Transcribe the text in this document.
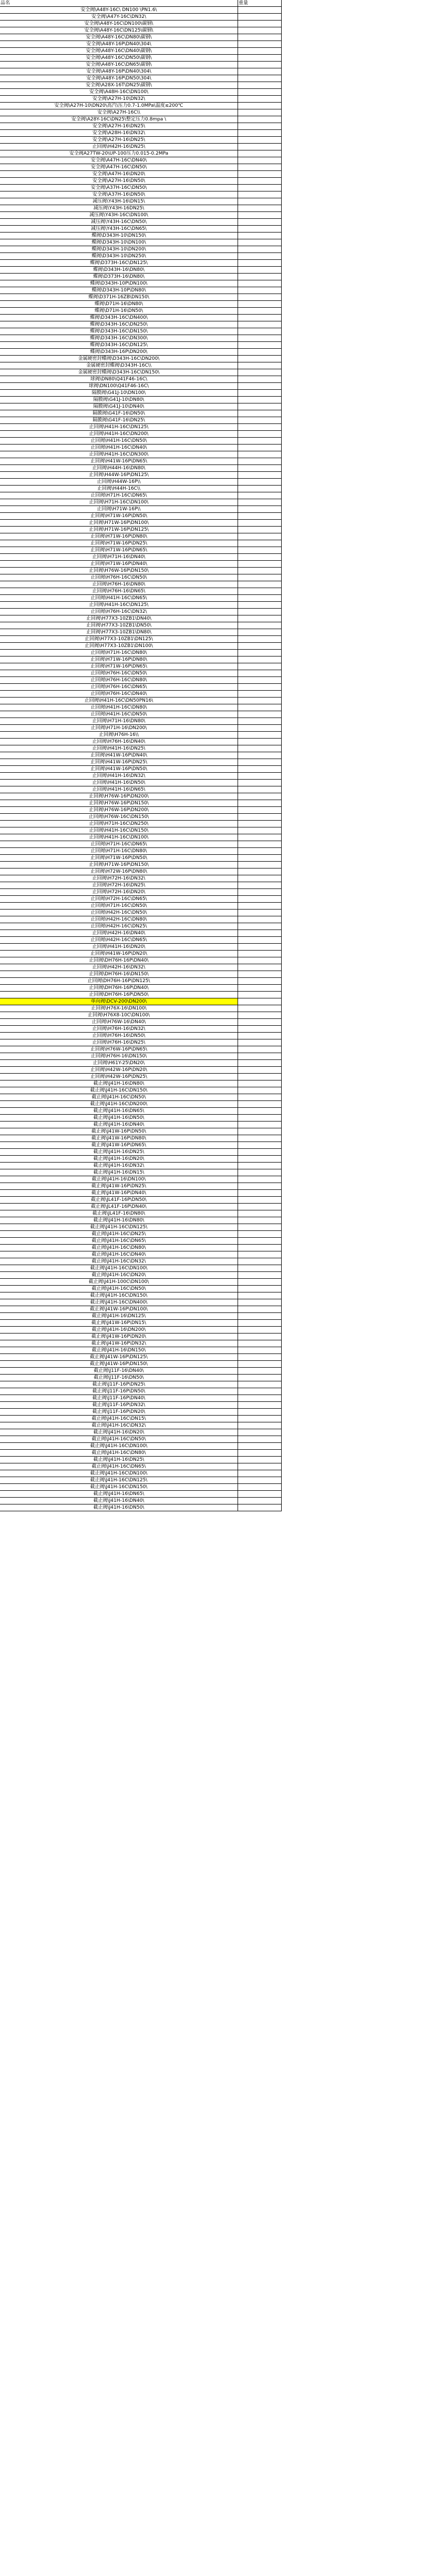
品名	重量		
安全阀\A48Y-16C\ DN100 \PN1.6\			
安全阀\A47Y-16C\DN32\			
安全阀\A48Y-16C\DN100\碳钢\			
安全阀\A48Y-16C\DN125\碳钢\			
安全阀\A48Y-16C\DN80\碳钢\			
安全阀\A48Y-16P\DN40\304\			
安全阀\A48Y-16C\DN40\碳钢\			
安全阀\A48Y-16C\DN50\碳钢\			
安全阀\A48Y-16C\DN65\碳钢\			
安全阀\A48Y-16P\DN40\304\			
安全阀\A48Y-16P\DN50\304\			
安全阀\A28X-16T\DN25\碳钢\			
安全阀\A48H-16C\DN100\			
安全阀\A27H-10\DN32\			
安全阀\A27H-10\DN20\高汽\压力0.7-1.0MPa\温度≤200℃			
安全阀\A27H-16C\\			
安全阀\A28Y-16C\DN25\整定压力0.8mpa \			
安全阀\A27H-16\DN25\			
安全阀\A28H-16\DN32\			
安全阀\A27H-16\DN25\			
止回阀\H42H-16\DN25\			
安全阀A27TW-20\UP-100压力0.015-0.2MPa			
安全阀\A47H-16C\DN40\			
安全阀\A47H-16C\DN50\			
安全阀\A47H-16\DN20\			
安全阀\A27H-16\DN50\			
安全阀\A37H-16C\DN50\			
安全阀\A37H-16\DN50\			
减压阀\Y43H-16\DN15\			
减压阀\Y43H-16DN25\			
减压阀\Y43H-16C\DN100\			
减压阀\Y43H-16C\DN50\			
减压阀\Y43H-16C\DN65\			
蝶阀\D343H-10\DN150\			
蝶阀\D343H-10\DN100\			
蝶阀\D343H-10\DN200\			
蝶阀\D343H-10\DN250\			
蝶阀\D373H-16C\DN125\			
蝶阀\D343H-16\DN80\			
蝶阀\D373H-16\DN80\			
蝶阀\D343H-10P\DN100\			
蝶阀\D343H-10P\DN80\			
蝶阀\D371H-16ZB\DN150\			
蝶阀\D71H-16\DN80\			
蝶阀\D71H-16\DN50\			
蝶阀\D343H-16C\DN400\			
蝶阀\D343H-16C\DN250\			
蝶阀\D343H-16C\DN150\			
蝶阀\D343H-16C\DN300\			
蝶阀\D343H-16C\DN125\			
蝶阀\D343H-16P\DN200\			
金属硬密封蝶阀\D343H-16C\DN200\			
金属硬密封蝶阀\D343H-16C\\			
金属硬密封蝶阀\D343H-16C\DN150\			
球阀\DN80\Q41F46-16C\			
球阀\DN100\Q41F46-16C\			
隔膜阀\G41J-10\DN100\			
隔膜阀\G41J-10\DN80\			
隔膜阀\G41J-10\DN40\			
隔膜阀\G41F-16\DN50\			
隔膜阀\G41F-16\DN25\			
止回阀\H41H-16C\DN125\			
止回阀\H41H-16C\DN200\			
止回阀\H41H-16C\DN50\			
止回阀\H41H-16C\DN40\			
止回阀\H41H-16C\DN300\			
止回阀\H41W-16P\DN65\			
止回阀\H44H-16\DN80\			
止回阀\H44W-16P\DN125\			
止回阀\H44W-16P\\			
止回阀\H44H-16C\\			
止回阀\H71H-16C\DN65\			
止回阀\H71H-16C\DN100\			
止回阀\H71W-16P\\			
止回阀\H71W-16P\DN50\			
止回阀\H71W-16P\DN100\			
止回阀\H71W-16P\DN125\			
止回阀\H71W-16P\DN80\			
止回阀\H71W-16P\DN25\			
止回阀\H71W-16P\DN65\			
止回阀\H71H-16\DN40\			
止回阀\H71W-16P\DN40\			
止回阀\H76W-16P\DN150\			
止回阀\H76H-16C\DN50\			
止回阀\H76H-16\DN80\			
止回阀\H76H-16\DN65\			
止回阀\H41H-16C\DN65\			
止回阀\H41H-16C\DN125\			
止回阀\H76H-16C\DN32\			
止回阀\H77X3-10ZB1\DN40\			
止回阀\H77X3-10ZB1\DN50\			
止回阀\H77X3-10ZB1\DN80\			
止回阀\H77X3-10ZB1\DN125\			
止回阀\H77X3-10ZB1\DN100\			
止回阀\H71H-16C\DN80\			
止回阀\H71W-16P\DN80\			
止回阀\H71W-16P\DN65\			
止回阀\H76H-16C\DN50\			
止回阀\H76H-16C\DN80\			
止回阀\H76H-16C\DN65\			
止回阀\H76H-16C\DN40\			
止回阀\H41H-16C\DN50PN16\			
止回阀\H41H-16C\DN80\			
止回阀\H41H-16C\DN50\			
止回阀\H71H-16\DN80\			
止回阀\H71H-16\DN200\			
止回阀\H76H-16\\			
止回阀\H76H-16\DN40\			
止回阀\H41H-16\DN25\			
止回阀\H41W-16P\DN40\			
止回阀\H41W-16P\DN25\			
止回阀\H41W-16P\DN50\			
止回阀\H41H-16\DN32\			
止回阀\H41H-16\DN50\			
止回阀\H41H-16\DN65\			
止回阀\H76W-16P\DN200\			
止回阀\H76W-16P\DN150\			
止回阀\H76W-16P\DN200\			
止回阀\H76W-16C\DN150\			
止回阀\H71H-16C\DN250\			
止回阀\H41H-16C\DN150\			
止回阀\H41H-16C\DN100\			
止回阀\H71H-16C\DN65\			
止回阀\H71H-16C\DN80\			
止回阀\H71W-16P\DN50\			
止回阀\H71W-16P\DN150\			
止回阀\H72W-16P\DN80\			
止回阀\H72H-16\DN32\			
止回阀\H72H-16\DN25\			
止回阀\H72H-16\DN20\			
止回阀\H72H-16C\DN65\			
止回阀\H71H-16C\DN50\			
止回阀\H42H-16C\DN50\			
止回阀\H42H-16C\DN80\			
止回阀\H42H-16C\DN25\			
止回阀\H42H-16\DN40\			
止回阀\H42H-16C\DN65\			
止回阀\H41H-16\DN20\			
止回阀\H41W-16P\DN20\			
止回阀\DH76H-16P\DN40\			
止回阀\H42H-16\DN32\			
止回阀\DH76H-16\DN150\			
止回阀\DH76H-16P\DN125\			
止回阀\DH76H-16P\DN40\			
止回阀\DH76H-16P\DN50\			
单向阀\DCV-200\DN200\			
止回阀\H76X-16\DN100\			
止回阀\H76X8-10C\DN100\			
止回阀\H76W-16\DN40\			
止回阀\H76H-16\DN32\			
止回阀\H76H-16\DN50\			
止回阀\H76H-16\DN25\			
止回阀\H76W-16P\DN65\			
止回阀\H76H-16\DN150\			
止回阀\H61Y-25\DN20\			
止回阀\H42W-16P\DN20\			
止回阀\H42W-16P\DN25\			
截止阀\J41H-16\DN80\			
截止阀\J41H-16C\DN150\			
截止阀\J41H-16C\DN50\			
截止阀\J41H-16C\DN200\			
截止阀\J41H-16\DN65\			
截止阀\J41H-16\DN50\			
截止阀\J41H-16\DN40\			
截止阀\J41W-16P\DN50\			
截止阀\J41W-16P\DN80\			
截止阀\J41W-16P\DN65\			
截止阀\J41H-16\DN25\			
截止阀\J41H-16\DN20\			
截止阀\J41H-16\DN32\			
截止阀\J41H-16\DN15\			
截止阀\J41H-16\DN100\			
截止阀\J41W-16P\DN25\			
截止阀\J41W-16P\DN40\			
截止阀\JL41F-16P\DN50\			
截止阀\JL41F-16P\DN40\			
截止阀\JL41F-16\DN80\			
截止阀\J41H-16\DN80\			
截止阀\J41H-16C\DN125\			
截止阀\J41H-16C\DN25\			
截止阀\J41H-16C\DN65\			
截止阀\J41H-16C\DN80\			
截止阀\J41H-16C\DN40\			
截止阀\J41H-16C\DN32\			
截止阀\J41H-16C\DN100\			
截止阀\J41H-16C\DN20\			
截止阀\J41H-100C\DN100\			
截止阀\J41H-16C\DN50\			
截止阀\J41H-16C\DN150\			
截止阀\J41H-16C\DN400\			
截止阀\J41W-16P\DN100\			
截止阀\J41H-16\DN125\			
截止阀\J41W-16P\DN15\			
截止阀\J41H-16\DN200\			
截止阀\J41W-16P\DN20\			
截止阀\J41W-16P\DN32\			
截止阀\J41H-16\DN150\			
截止阀\J41W-16P\DN125\			
截止阀\J41W-16P\DN150\			
截止阀\J11F-16\DN40\			
截止阀\J11F-16\DN50\			
截止阀\J11F-16P\DN25\			
截止阀\J11F-16P\DN50\			
截止阀\J11F-16P\DN40\			
截止阀\J11F-16P\DN32\			
截止阀\J11F-16P\DN20\			
截止阀\J41H-16C\DN15\			
截止阀\J41H-16C\DN32\			
截止阀\J41H-16\DN20\			
截止阀\J41H-16C\DN50\			
截止阀\J41H-16C\DN100\			
截止阀\J41H-16C\DN80\			
截止阀\J41H-16\DN25\			
截止阀\J41H-16C\DN65\			
截止阀\J41H-16C\DN100\			
截止阀\J41H-16C\DN125\			
截止阀\J41H-16C\DN150\			
截止阀\J41H-16\DN65\			
截止阀\J41H-16\DN40\			
截止阀\J41H-16\DN50\			
